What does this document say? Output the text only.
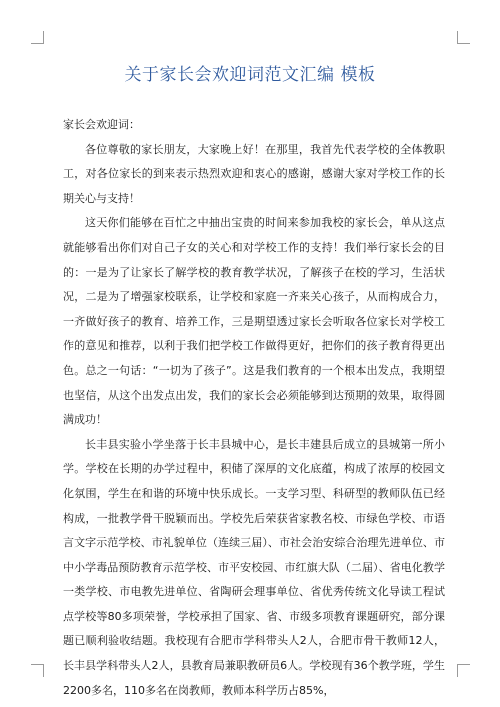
关于家长会欢迎词范文汇编 模板

家长会欢迎词：

各位尊敬的家长朋友，大家晚上好！在那里，我首先代表学校的全体教职工，对各位家长的到来表示热烈欢迎和衷心的感谢，感谢大家对学校工作的长期关心与支持！

这天你们能够在百忙之中抽出宝贵的时间来参加我校的家长会，单从这点就能够看出你们对自己子女的关心和对学校工作的支持！我们举行家长会的目的：一是为了让家长了解学校的教育教学状况，了解孩子在校的学习，生活状况，二是为了增强家校联系，让学校和家庭一齐来关心孩子，从而构成合力，一齐做好孩子的教育、培养工作，三是期望透过家长会听取各位家长对学校工作的意见和推荐，以利于我们把学校工作做得更好，把你们的孩子教育得更出色。总之一句话：“一切为了孩子”。这是我们教育的一个根本出发点，我期望也坚信，从这个出发点出发，我们的家长会必须能够到达预期的效果，取得圆满成功！

长丰县实验小学坐落于长丰县城中心，是长丰建县后成立的县城第一所小学。学校在长期的办学过程中，积储了深厚的文化底蕴，构成了浓厚的校园文化氛围，学生在和谐的环境中快乐成长。一支学习型、科研型的教师队伍已经构成，一批教学骨干脱颖而出。学校先后荣获省家教名校、市绿色学校、市语言文字示范学校、市礼貌单位（连续三届）、市社会治安综合治理先进单位、市中小学毒品预防教育示范学校、市平安校园、市红旗大队（二届）、省电化教学一类学校、市电教先进单位、省陶研会理事单位、省优秀传统文化导读工程试点学校等80多项荣誉，学校承担了国家、省、市级多项教育课题研究，部分课题已顺利验收结题。我校现有合肥市学科带头人2人，合肥市骨干教师12人，长丰县学科带头人2人，县教育局兼职教研员6人。学校现有36个教学班，学生2200多名，110多名在岗教师，教师本科学历占85%，
